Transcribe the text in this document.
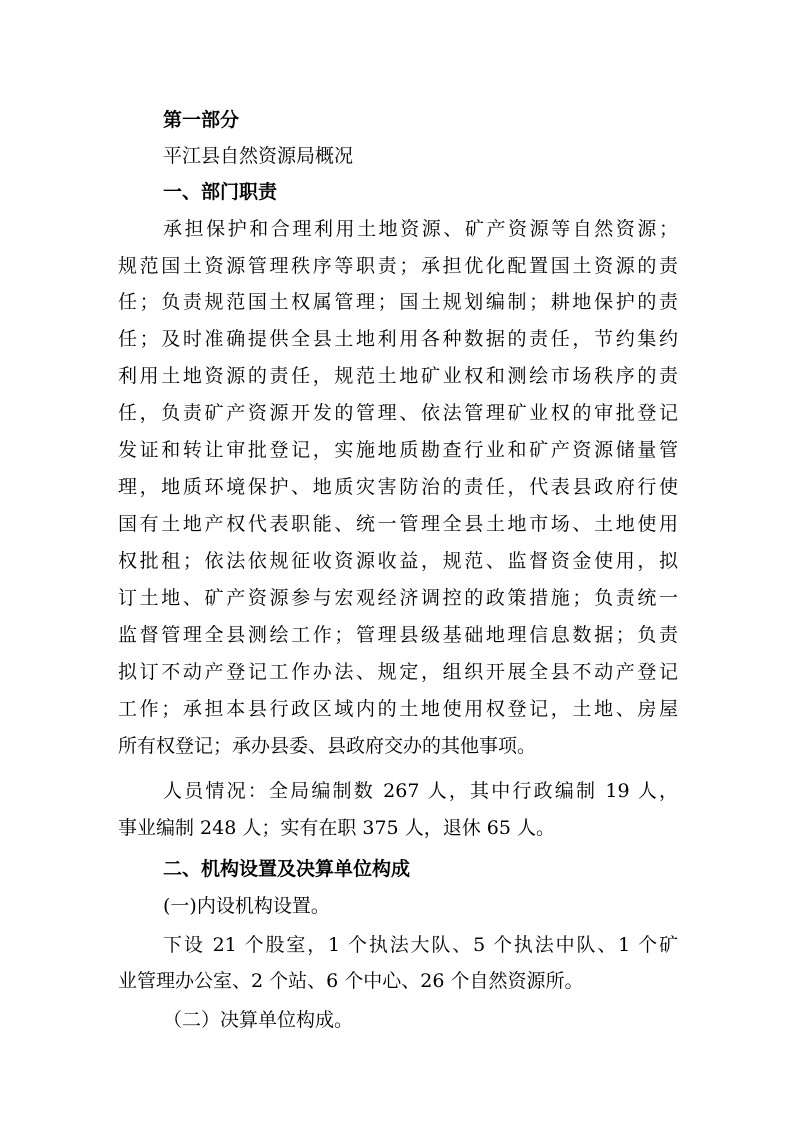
第一部分
平江县自然资源局概况
一、部门职责
承担保护和合理利用土地资源、矿产资源等自然资源；
规范国土资源管理秩序等职责；承担优化配置国土资源的责
任；负责规范国土权属管理；国土规划编制；耕地保护的责
任；及时准确提供全县土地利用各种数据的责任，节约集约
利用土地资源的责任，规范土地矿业权和测绘市场秩序的责
任，负责矿产资源开发的管理、依法管理矿业权的审批登记
发证和转让审批登记，实施地质勘查行业和矿产资源储量管
理，地质环境保护、地质灾害防治的责任，代表县政府行使
国有土地产权代表职能、统一管理全县土地市场、土地使用
权批租；依法依规征收资源收益，规范、监督资金使用，拟
订土地、矿产资源参与宏观经济调控的政策措施；负责统一
监督管理全县测绘工作；管理县级基础地理信息数据；负责
拟订不动产登记工作办法、规定，组织开展全县不动产登记
工作；承担本县行政区域内的土地使用权登记，土地、房屋
所有权登记；承办县委、县政府交办的其他事项。
人员情况：全局编制数 267 人，其中行政编制 19 人，
事业编制 248 人；实有在职 375 人，退休 65 人。
二、机构设置及决算单位构成
(一)内设机构设置。
下设 21 个股室，1 个执法大队、5 个执法中队、1 个矿
业管理办公室、2 个站、6 个中心、26 个自然资源所。
（二）决算单位构成。
